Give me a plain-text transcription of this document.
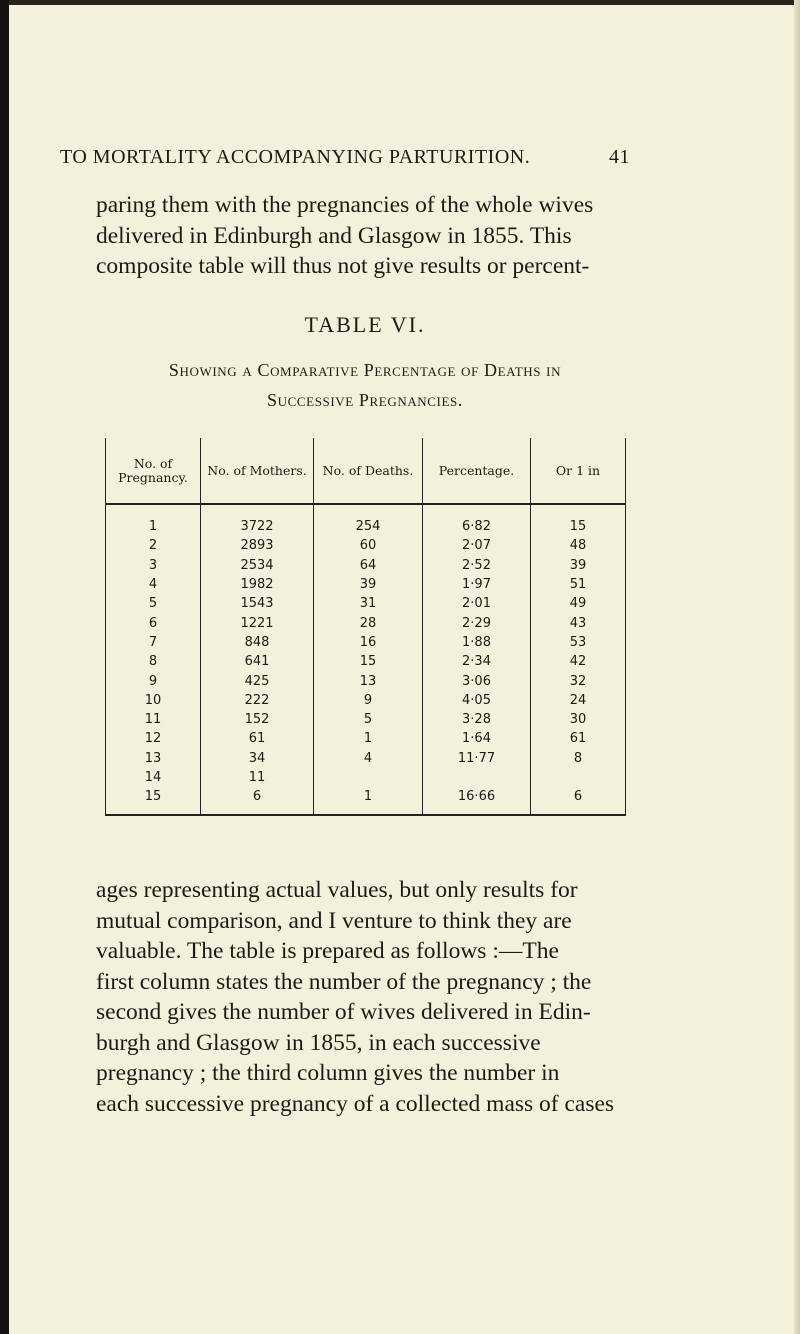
TO MORTALITY ACCOMPANYING PARTURITION.	41
paring them with the pregnancies of the whole wives
delivered in Edinburgh and Glasgow in 1855. This
composite table will thus not give results or percent-
TABLE VI.
Showing a Comparative Percentage of Deaths in
Successive Pregnancies.
No. of Pregnancy.	No. of Mothers.	No. of Deaths.	Percentage.	Or 1 in
1	3722	254	6·82	15
2	2893	60	2·07	48
3	2534	64	2·52	39
4	1982	39	1·97	51
5	1543	31	2·01	49
6	1221	28	2·29	43
7	848	16	1·88	53
8	641	15	2·34	42
9	425	13	3·06	32
10	222	9	4·05	24
11	152	5	3·28	30
12	61	1	1·64	61
13	34	4	11·77	8
14	11			
15	6	1	16·66	6
ages representing actual values, but only results for
mutual comparison, and I venture to think they are
valuable. The table is prepared as follows :—The
first column states the number of the pregnancy ; the
second gives the number of wives delivered in Edin-
burgh and Glasgow in 1855, in each successive
pregnancy ; the third column gives the number in
each successive pregnancy of a collected mass of cases
